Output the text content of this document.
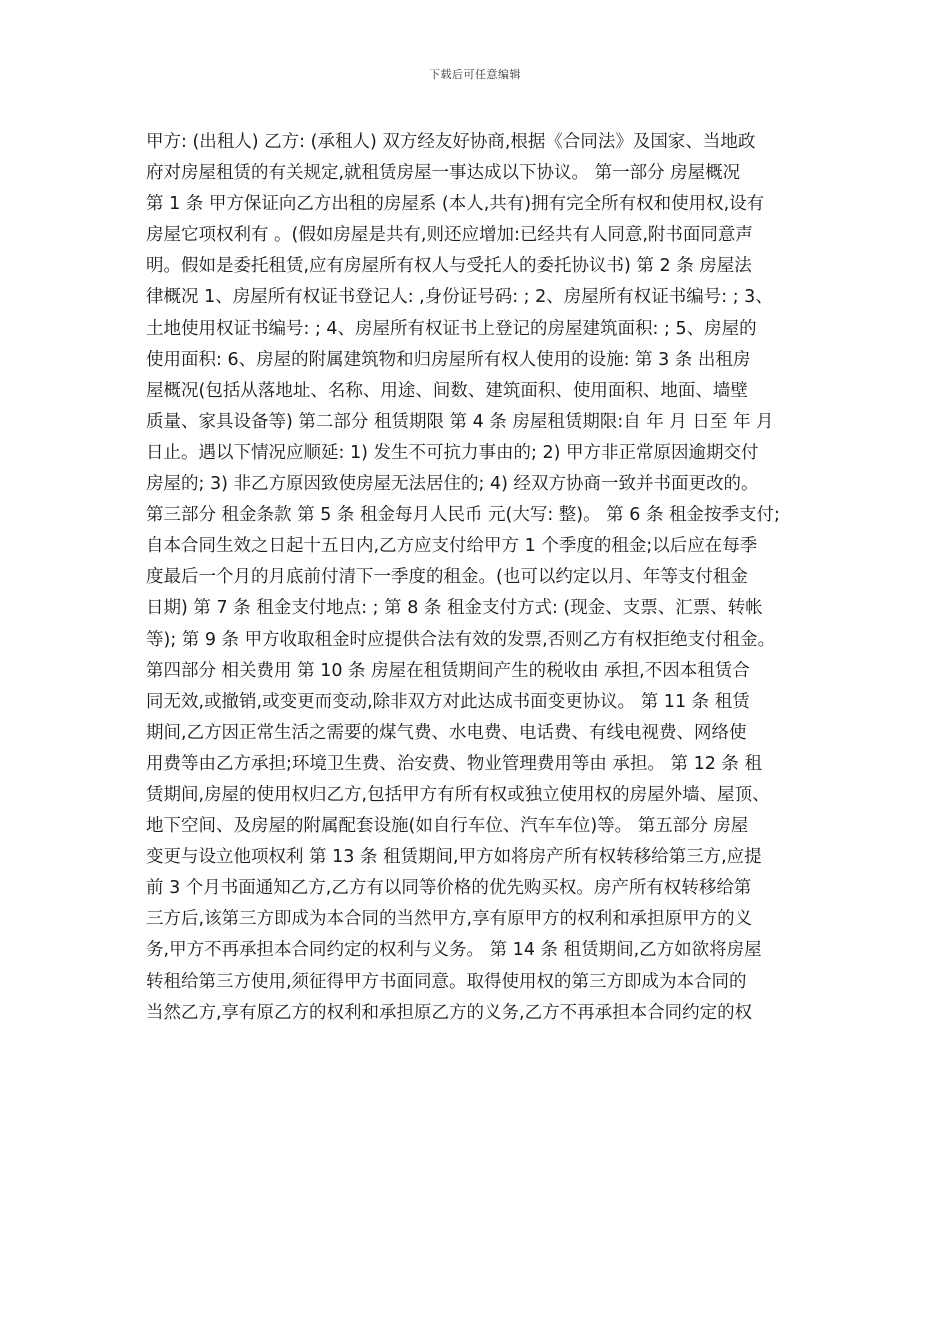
下载后可任意编辑
甲方: (出租人) 乙方: (承租人) 双方经友好协商,根据《合同法》及国家、当地政
府对房屋租赁的有关规定,就租赁房屋一事达成以下协议。 第一部分 房屋概况
第 1 条 甲方保证向乙方出租的房屋系 (本人,共有)拥有完全所有权和使用权,设有
房屋它项权利有 。(假如房屋是共有,则还应增加:已经共有人同意,附书面同意声
明。假如是委托租赁,应有房屋所有权人与受托人的委托协议书) 第 2 条 房屋法
律概况 1、房屋所有权证书登记人: ,身份证号码: ; 2、房屋所有权证书编号: ; 3、
土地使用权证书编号: ; 4、房屋所有权证书上登记的房屋建筑面积: ; 5、房屋的
使用面积: 6、房屋的附属建筑物和归房屋所有权人使用的设施: 第 3 条 出租房
屋概况(包括从落地址、名称、用途、间数、建筑面积、使用面积、地面、墙壁
质量、家具设备等) 第二部分 租赁期限 第 4 条 房屋租赁期限:自 年 月 日至 年 月
日止。遇以下情况应顺延: 1) 发生不可抗力事由的; 2) 甲方非正常原因逾期交付
房屋的; 3) 非乙方原因致使房屋无法居住的; 4) 经双方协商一致并书面更改的。
第三部分 租金条款 第 5 条 租金每月人民币 元(大写: 整)。 第 6 条 租金按季支付;
自本合同生效之日起十五日内,乙方应支付给甲方 1 个季度的租金;以后应在每季
度最后一个月的月底前付清下一季度的租金。(也可以约定以月、年等支付租金
日期) 第 7 条 租金支付地点: ; 第 8 条 租金支付方式: (现金、支票、汇票、转帐
等); 第 9 条 甲方收取租金时应提供合法有效的发票,否则乙方有权拒绝支付租金。
第四部分 相关费用 第 10 条 房屋在租赁期间产生的税收由 承担,不因本租赁合
同无效,或撤销,或变更而变动,除非双方对此达成书面变更协议。 第 11 条 租赁
期间,乙方因正常生活之需要的煤气费、水电费、电话费、有线电视费、网络使
用费等由乙方承担;环境卫生费、治安费、物业管理费用等由 承担。 第 12 条 租
赁期间,房屋的使用权归乙方,包括甲方有所有权或独立使用权的房屋外墙、屋顶、
地下空间、及房屋的附属配套设施(如自行车位、汽车车位)等。 第五部分 房屋
变更与设立他项权利 第 13 条 租赁期间,甲方如将房产所有权转移给第三方,应提
前 3 个月书面通知乙方,乙方有以同等价格的优先购买权。房产所有权转移给第
三方后,该第三方即成为本合同的当然甲方,享有原甲方的权利和承担原甲方的义
务,甲方不再承担本合同约定的权利与义务。 第 14 条 租赁期间,乙方如欲将房屋
转租给第三方使用,须征得甲方书面同意。取得使用权的第三方即成为本合同的
当然乙方,享有原乙方的权利和承担原乙方的义务,乙方不再承担本合同约定的权
